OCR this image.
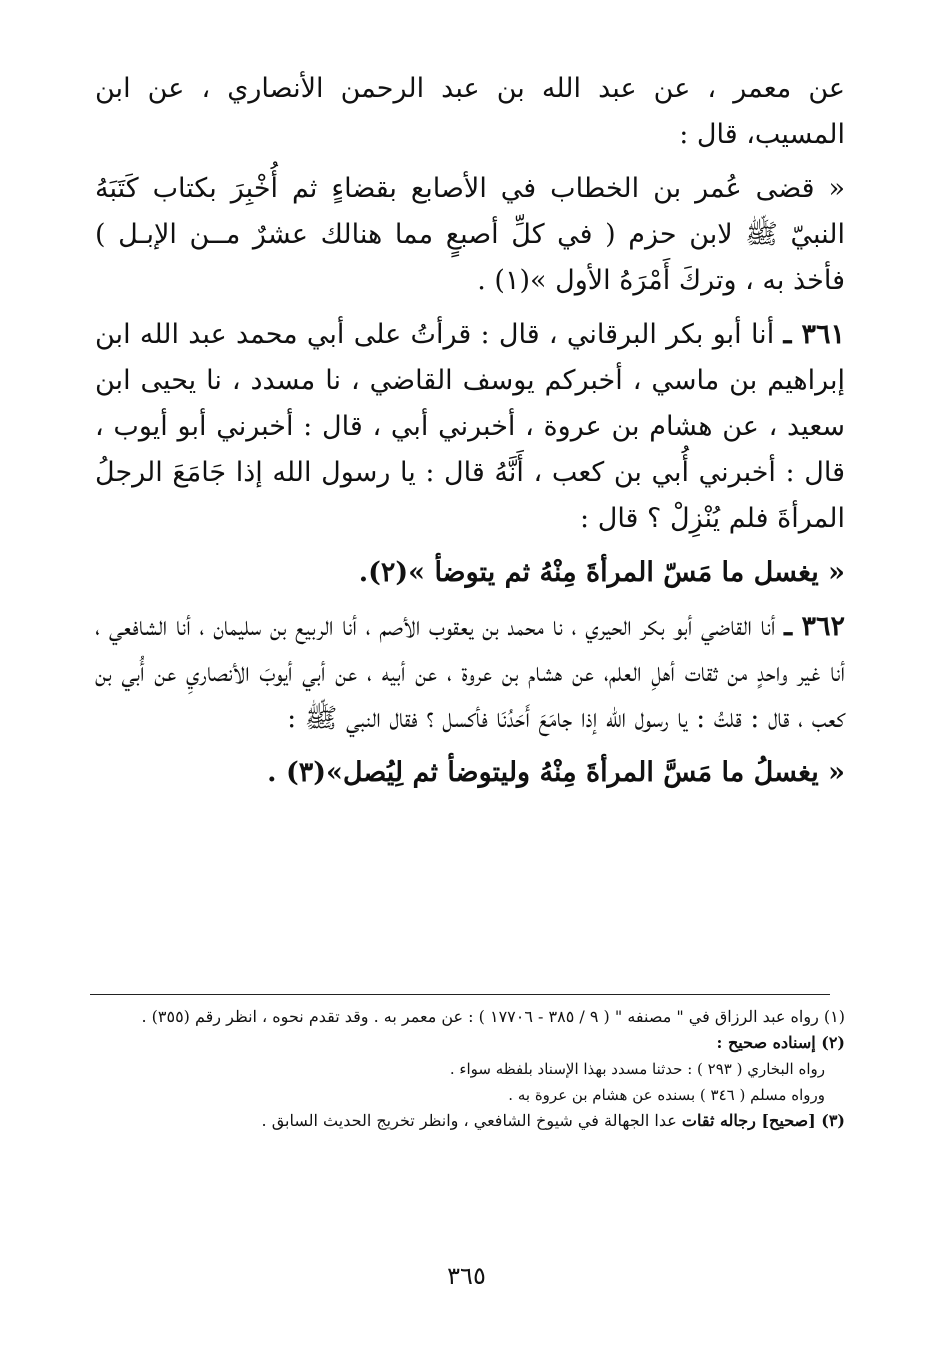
عن معمر ، عن عبد الله بن عبد الرحمن الأنصاري ، عن ابن المسيب، قال :

« قضى عُمر بن الخطاب في الأصابع بقضاءٍ ثم أُخْبِرَ بكتاب كَتَبَهُ النبيّ ﷺ لابن حزم ( في كلِّ أصبعٍ مما هنالك عشرٌ مــن الإبـل ) فأخذ به ، وتركَ أَمْرَهُ الأول »(١) .

٣٦١ ـ أنا أبو بكر البرقاني ، قال : قرأتُ على أبي محمد عبد الله ابن إبراهيم بن ماسي ، أخبركم يوسف القاضي ، نا مسدد ، نا يحيى ابن سعيد ، عن هشام بن عروة ، أخبرني أبي ، قال : أخبرني أبو أيوب ، قال : أخبرني أُبي بن كعب ، أَنَّهُ قال : يا رسول الله إذا جَامَعَ الرجلُ المرأةَ فلم يُنْزِلْ ؟ قال :

« يغسل ما مَسّ المرأةَ مِنْهُ ثم يتوضأ »(٢).

٣٦٢ ـ أنا القاضي أبو بكر الحيري ، نا محمد بن يعقوب الأصم ، أنا الربيع بن سليمان ، أنا الشافعي ، أنا غير واحدٍ من ثقات أهلِ العلم، عن هشام بن عروة ، عن أبيه ، عن أبي أيوبَ الأنصاريِ عن أُبي بن كعب ، قال : قلتُ : يا رسول الله إذا جامَعَ أَحَدُنَا فأكسل ؟ فقال النبي ﷺ :

« يغسلُ ما مَسَّ المرأةَ مِنْهُ وليتوضأ ثم لِيُصل»(٣) .

(١) رواه عبد الرزاق في " مصنفه " ( ٩ / ٣٨٥ - ١٧٧٠٦ ) : عن معمر به . وقد تقدم نحوه ، انظر رقم (٣٥٥) .

(٢) إسناده صحيح :

رواه البخاري ( ٢٩٣ ) : حدثنا مسدد بهذا الإسناد بلفظه سواء .

ورواه مسلم ( ٣٤٦ ) بسنده عن هشام بن عروة به .

(٣) [صحيح] رجاله ثقات عدا الجهالة في شيوخ الشافعي ، وانظر تخريج الحديث السابق .

٣٦٥
